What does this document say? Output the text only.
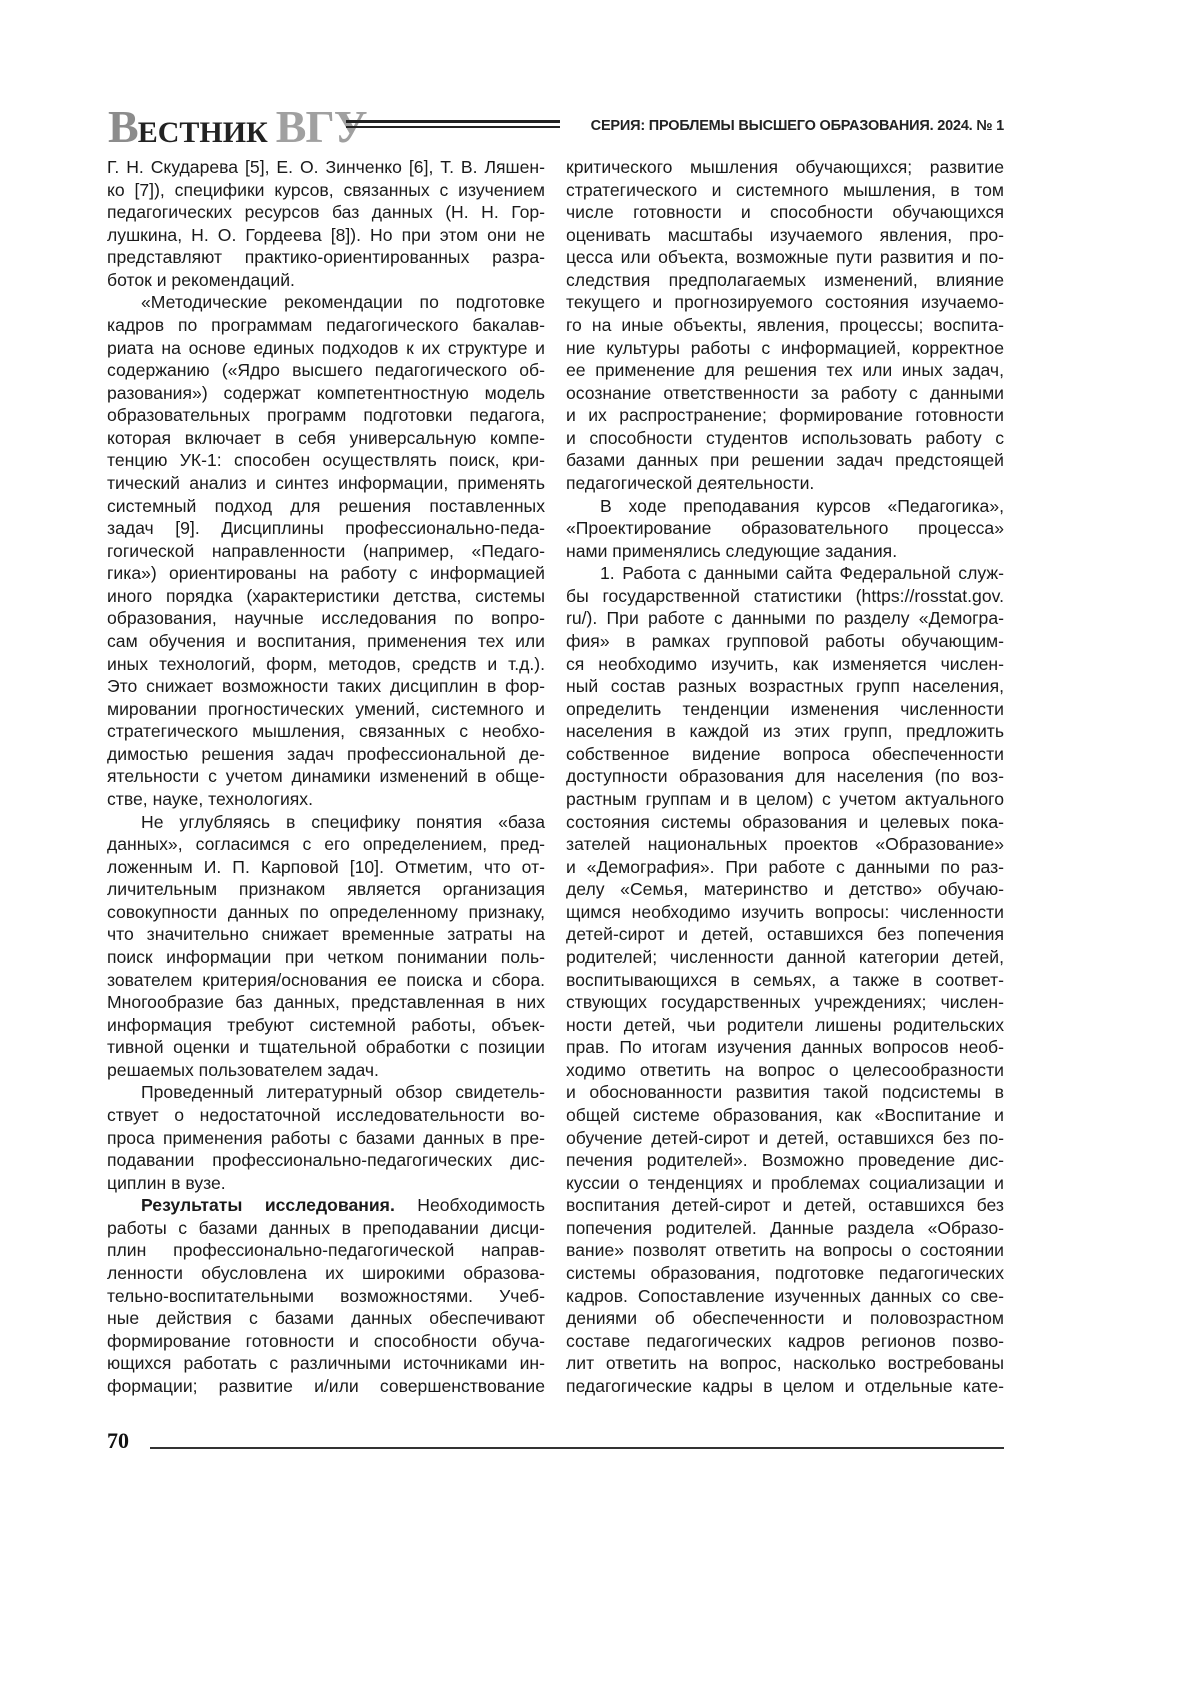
ВЕСТНИК ВГУ	СЕРИЯ: ПРОБЛЕМЫ ВЫСШЕГО ОБРАЗОВАНИЯ. 2024. № 1
Г. Н. Скударева [5], Е. О. Зинченко [6], Т. В. Ляшен-
ко [7]), специфики курсов, связанных с изучением
педагогических ресурсов баз данных (Н. Н. Гор-
лушкина, Н. О. Гордеева [8]). Но при этом они не
представляют практико-ориентированных разра-
боток и рекомендаций.
«Методические рекомендации по подготовке
кадров по программам педагогического бакалав-
риата на основе единых подходов к их структуре и
содержанию («Ядро высшего педагогического об-
разования») содержат компетентностную модель
образовательных программ подготовки педагога,
которая включает в себя универсальную компе-
тенцию УК-1: способен осуществлять поиск, кри-
тический анализ и синтез информации, применять
системный подход для решения поставленных
задач [9]. Дисциплины профессионально-педа-
гогической направленности (например, «Педаго-
гика») ориентированы на работу с информацией
иного порядка (характеристики детства, системы
образования, научные исследования по вопро-
сам обучения и воспитания, применения тех или
иных технологий, форм, методов, средств и т.д.).
Это снижает возможности таких дисциплин в фор-
мировании прогностических умений, системного и
стратегического мышления, связанных с необхо-
димостью решения задач профессиональной де-
ятельности с учетом динамики изменений в обще-
стве, науке, технологиях.
Не углубляясь в специфику понятия «база
данных», согласимся с его определением, пред-
ложенным И. П. Карповой [10]. Отметим, что от-
личительным признаком является организация
совокупности данных по определенному признаку,
что значительно снижает временные затраты на
поиск информации при четком понимании поль-
зователем критерия/основания ее поиска и сбора.
Многообразие баз данных, представленная в них
информация требуют системной работы, объек-
тивной оценки и тщательной обработки с позиции
решаемых пользователем задач.
Проведенный литературный обзор свидетель-
ствует о недостаточной исследовательности во-
проса применения работы с базами данных в пре-
подавании профессионально-педагогических дис-
циплин в вузе.
Результаты исследования. Необходимость
работы с базами данных в преподавании дисци-
плин профессионально-педагогической направ-
ленности обусловлена их широкими образова-
тельно-воспитательными возможностями. Учеб-
ные действия с базами данных обеспечивают
формирование готовности и способности обуча-
ющихся работать с различными источниками ин-
формации; развитие и/или совершенствование
критического мышления обучающихся; развитие
стратегического и системного мышления, в том
числе готовности и способности обучающихся
оценивать масштабы изучаемого явления, про-
цесса или объекта, возможные пути развития и по-
следствия предполагаемых изменений, влияние
текущего и прогнозируемого состояния изучаемо-
го на иные объекты, явления, процессы; воспита-
ние культуры работы с информацией, корректное
ее применение для решения тех или иных задач,
осознание ответственности за работу с данными
и их распространение; формирование готовности
и способности студентов использовать работу с
базами данных при решении задач предстоящей
педагогической деятельности.
В ходе преподавания курсов «Педагогика»,
«Проектирование образовательного процесса»
нами применялись следующие задания.
1. Работа с данными сайта Федеральной служ-
бы государственной статистики (https://rosstat.gov.
ru/). При работе с данными по разделу «Демогра-
фия» в рамках групповой работы обучающим-
ся необходимо изучить, как изменяется числен-
ный состав разных возрастных групп населения,
определить тенденции изменения численности
населения в каждой из этих групп, предложить
собственное видение вопроса обеспеченности
доступности образования для населения (по воз-
растным группам и в целом) с учетом актуального
состояния системы образования и целевых пока-
зателей национальных проектов «Образование»
и «Демография». При работе с данными по раз-
делу «Семья, материнство и детство» обучаю-
щимся необходимо изучить вопросы: численности
детей-сирот и детей, оставшихся без попечения
родителей; численности данной категории детей,
воспитывающихся в семьях, а также в соответ-
ствующих государственных учреждениях; числен-
ности детей, чьи родители лишены родительских
прав. По итогам изучения данных вопросов необ-
ходимо ответить на вопрос о целесообразности
и обоснованности развития такой подсистемы в
общей системе образования, как «Воспитание и
обучение детей-сирот и детей, оставшихся без по-
печения родителей». Возможно проведение дис-
куссии о тенденциях и проблемах социализации и
воспитания детей-сирот и детей, оставшихся без
попечения родителей. Данные раздела «Образо-
вание» позволят ответить на вопросы о состоянии
системы образования, подготовке педагогических
кадров. Сопоставление изученных данных со све-
дениями об обеспеченности и половозрастном
составе педагогических кадров регионов позво-
лит ответить на вопрос, насколько востребованы
педагогические кадры в целом и отдельные кате-
70
